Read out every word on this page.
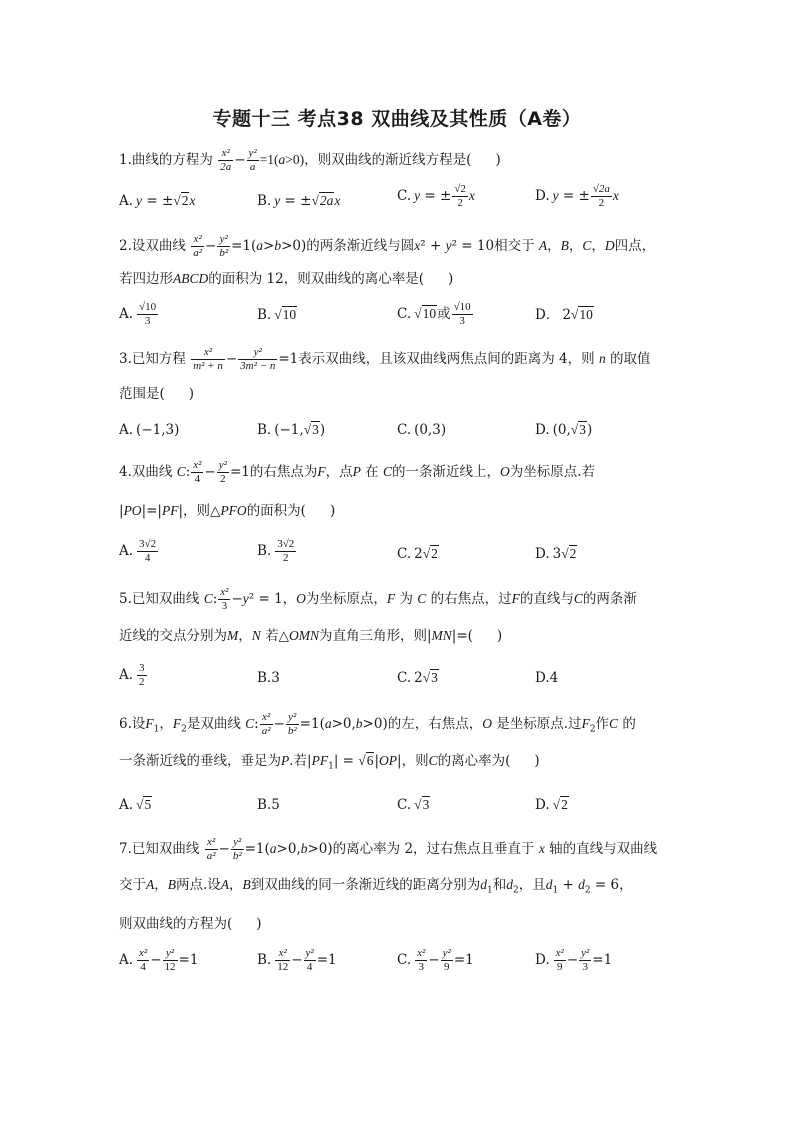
专题十三 考点38 双曲线及其性质（A卷）
1.曲线的方程为 $\frac{\text{x²}}{2a} - \frac{\text{y²}}{a} =1(a>0)$，则双曲线的渐近线方程是( )
A. y = ±√2x	B. y = ±√2ax	C. y = ± $\frac{√2}{2}$ x	D. y = ± $\frac{√2a}{2}$ x
2.设双曲线 $\frac{\text{x²}}{\text{a²}} - \frac{\text{y²}}{\text{b²}} =1(a>b>0)$的两条渐近线与圆x² + y² = 10相交于 A，B，C，D四点，
若四边形ABCD的面积为 12，则双曲线的离心率是( )
A. $\frac{√10}{3}$	B. √10	C. √10或 $\frac{√10}{3}$	D． 2√10
3.已知方程 $\frac{\text{x²}}{\text{m² + n}} - \frac{\text{y²}}{\text{3m² − n}} =1$表示双曲线，且该双曲线两焦点间的距离为 4，则 n 的取值
范围是( )
A. (−1,3)	B. (−1,√3)	C. (0,3)	D. (0,√3)
4.双曲线 C: $\frac{\text{x²}}{4} - \frac{\text{y²}}{2} =1$的右焦点为F，点P 在 C的一条渐近线上，O为坐标原点.若
|PO|=|PF|，则△PFO的面积为( )
A. $\frac{3√2}{4}$	B. $\frac{3√2}{2}$	C. 2√2	D. 3√2
5.已知双曲线 C: $\frac{\text{x²}}{3} -y^2 = 1$，O为坐标原点，F 为 C 的右焦点，过F的直线与C的两条渐
近线的交点分别为M，N 若△OMN为直角三角形，则|MN|=( )
A. $\frac{3}{2}$	B.3	C. 2√3	D.4
6.设$F_1$，$F_2$是双曲线 C: $\frac{\text{x²}}{\text{a²}} - \frac{\text{y²}}{\text{b²}} =1(a>0,b>0)$的左，右焦点，O 是坐标原点.过$F_2$作C 的
一条渐近线的垂线，垂足为P.若$|PF_1| = √6|OP|$，则C的离心率为( )
A. √5	B.5	C. √3	D. √2
7.已知双曲线 $\frac{\text{x²}}{\text{a²}} - \frac{\text{y²}}{\text{b²}} =1(a>0,b>0)$的离心率为 2，过右焦点且垂直于 x 轴的直线与双曲线
交于A，B两点.设A，B到双曲线的同一条渐近线的距离分别为$d_1$和$d_2$，且$d_1 + d_2 = 6$，
则双曲线的方程为( )
A. $\frac{\text{x²}}{4} - \frac{\text{y²}}{12} =1$	B. $\frac{\text{x²}}{12} - \frac{\text{y²}}{4} =1$	C. $\frac{\text{x²}}{3} - \frac{\text{y²}}{9} =1$	D. $\frac{\text{x²}}{9} - \frac{\text{y²}}{3} =1$
